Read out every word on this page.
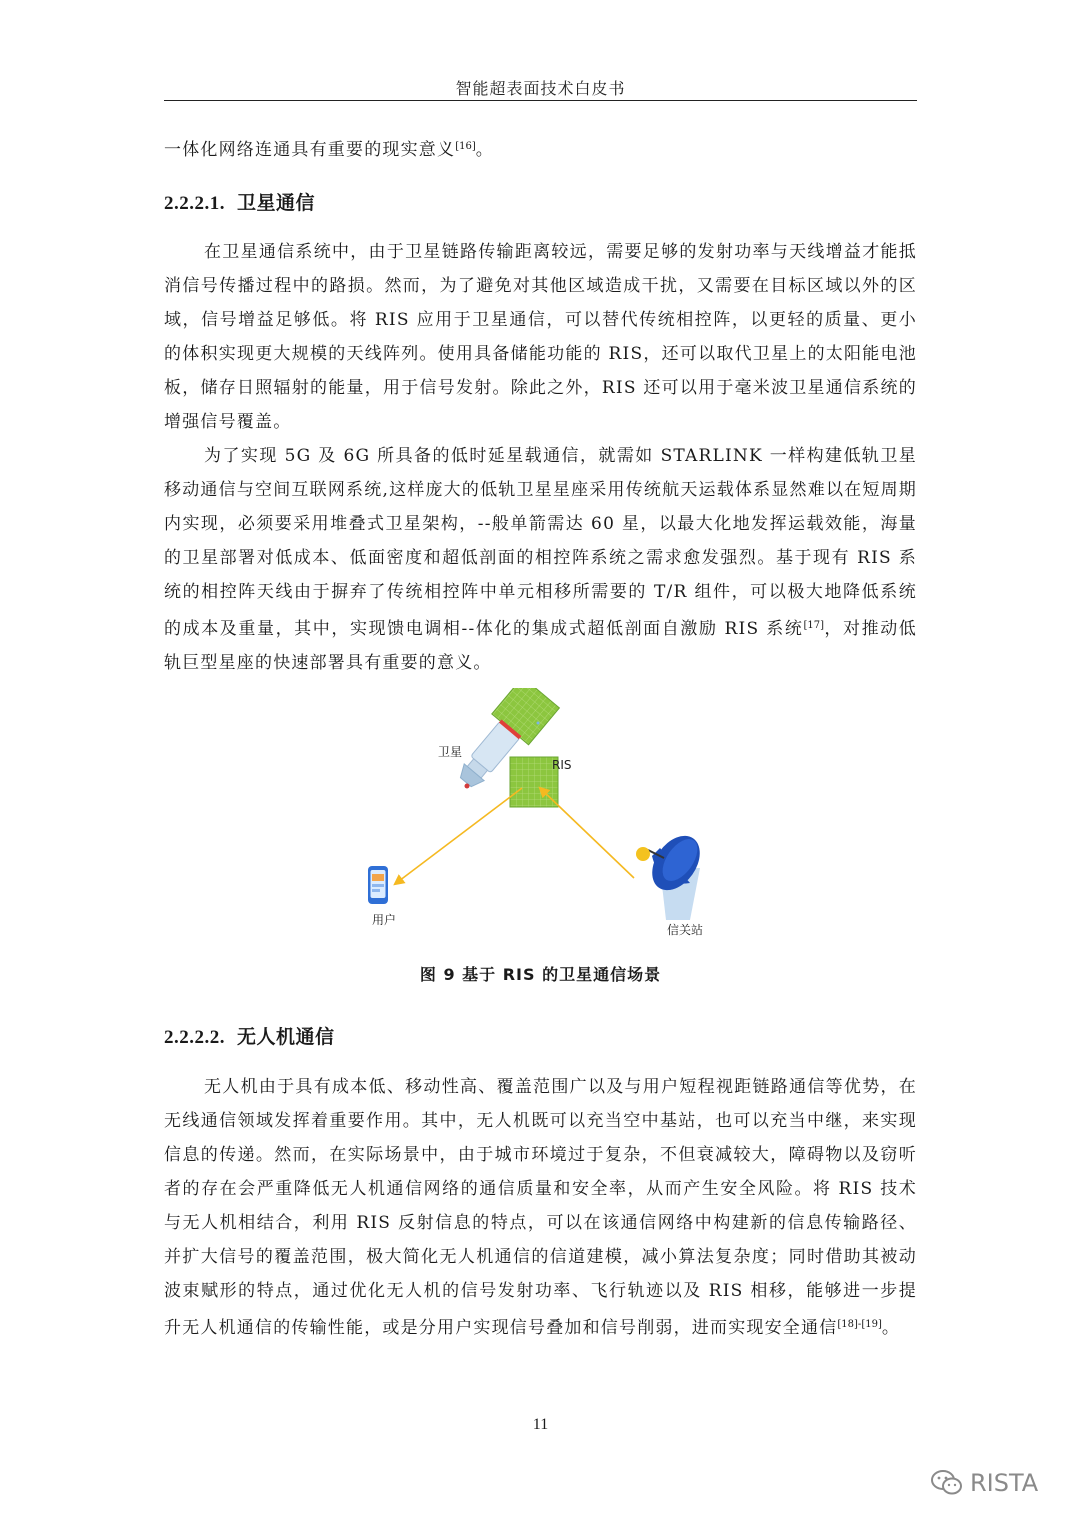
智能超表面技术白皮书

一体化网络连通具有重要的现实意义[16]。

2.2.2.1. 卫星通信

在卫星通信系统中，由于卫星链路传输距离较远，需要足够的发射功率与天线增益才能抵消信号传播过程中的路损。然而，为了避免对其他区域造成干扰，又需要在目标区域以外的区域，信号增益足够低。将 RIS 应用于卫星通信，可以替代传统相控阵，以更轻的质量、更小的体积实现更大规模的天线阵列。使用具备储能功能的 RIS，还可以取代卫星上的太阳能电池板，储存日照辐射的能量，用于信号发射。除此之外，RIS 还可以用于毫米波卫星通信系统的增强信号覆盖。

为了实现 5G 及 6G 所具备的低时延星载通信，就需如 STARLINK 一样构建低轨卫星移动通信与空间互联网系统,这样庞大的低轨卫星星座采用传统航天运载体系显然难以在短周期内实现，必须要采用堆叠式卫星架构，--般单箭需达 60 星，以最大化地发挥运载效能，海量的卫星部署对低成本、低面密度和超低剖面的相控阵系统之需求愈发强烈。基于现有 RIS 系统的相控阵天线由于摒弃了传统相控阵中单元相移所需要的 T/R 组件，可以极大地降低系统的成本及重量，其中，实现馈电调相--体化的集成式超低剖面自激励 RIS 系统[17]，对推动低轨巨型星座的快速部署具有重要的意义。

卫星
RIS
用户
信关站
图 9 基于 RIS 的卫星通信场景
2.2.2.2. 无人机通信

无人机由于具有成本低、移动性高、覆盖范围广以及与用户短程视距链路通信等优势，在无线通信领域发挥着重要作用。其中，无人机既可以充当空中基站，也可以充当中继，来实现信息的传递。然而，在实际场景中，由于城市环境过于复杂，不但衰减较大，障碍物以及窃听者的存在会严重降低无人机通信网络的通信质量和安全率，从而产生安全风险。将 RIS 技术与无人机相结合，利用 RIS 反射信息的特点，可以在该通信网络中构建新的信息传输路径、并扩大信号的覆盖范围，极大简化无人机通信的信道建模，减小算法复杂度；同时借助其被动波束赋形的特点，通过优化无人机的信号发射功率、飞行轨迹以及 RIS 相移，能够进一步提升无人机通信的传输性能，或是分用户实现信号叠加和信号削弱，进而实现安全通信[18]-[19]。

11
RISTA
